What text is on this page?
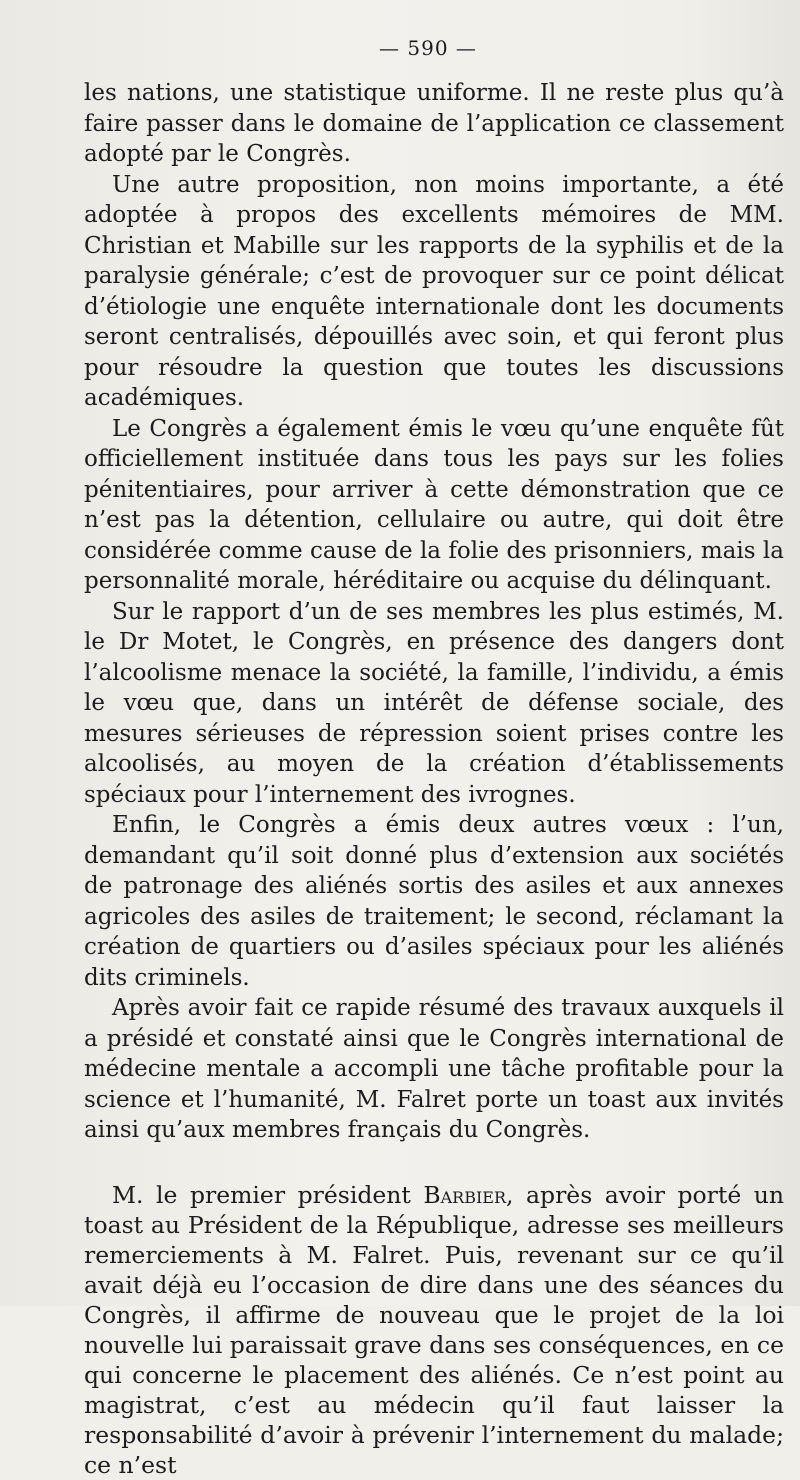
— 590 —

les nations, une statistique uniforme. Il ne reste plus qu’à faire passer dans le domaine de l’application ce classement adopté par le Congrès.

Une autre proposition, non moins importante, a été adoptée à propos des excellents mémoires de MM. Christian et Mabille sur les rapports de la syphilis et de la paralysie générale; c’est de provoquer sur ce point délicat d’étiologie une enquête internationale dont les documents seront centralisés, dépouillés avec soin, et qui feront plus pour résoudre la question que toutes les discussions académiques.

Le Congrès a également émis le vœu qu’une enquête fût officiellement instituée dans tous les pays sur les folies pénitentiaires, pour arriver à cette démonstration que ce n’est pas la détention, cellulaire ou autre, qui doit être considérée comme cause de la folie des prisonniers, mais la personnalité morale, héréditaire ou acquise du délinquant.

Sur le rapport d’un de ses membres les plus estimés, M. le Dr Motet, le Congrès, en présence des dangers dont l’alcoolisme menace la société, la famille, l’individu, a émis le vœu que, dans un intérêt de défense sociale, des mesures sérieuses de répression soient prises contre les alcoolisés, au moyen de la création d’établissements spéciaux pour l’internement des ivrognes.

Enfin, le Congrès a émis deux autres vœux : l’un, demandant qu’il soit donné plus d’extension aux sociétés de patronage des aliénés sortis des asiles et aux annexes agricoles des asiles de traitement; le second, réclamant la création de quartiers ou d’asiles spéciaux pour les aliénés dits criminels.

Après avoir fait ce rapide résumé des travaux auxquels il a présidé et constaté ainsi que le Congrès international de médecine mentale a accompli une tâche profitable pour la science et l’humanité, M. Falret porte un toast aux invités ainsi qu’aux membres français du Congrès.

M. le premier président Barbier, après avoir porté un toast au Président de la République, adresse ses meilleurs remerciements à M. Falret. Puis, revenant sur ce qu’il avait déjà eu l’occasion de dire dans une des séances du Congrès, il affirme de nouveau que le projet de la loi nouvelle lui paraissait grave dans ses conséquences, en ce qui concerne le placement des aliénés. Ce n’est point au magistrat, c’est au médecin qu’il faut laisser la responsabilité d’avoir à prévenir l’internement du malade; ce n’est
